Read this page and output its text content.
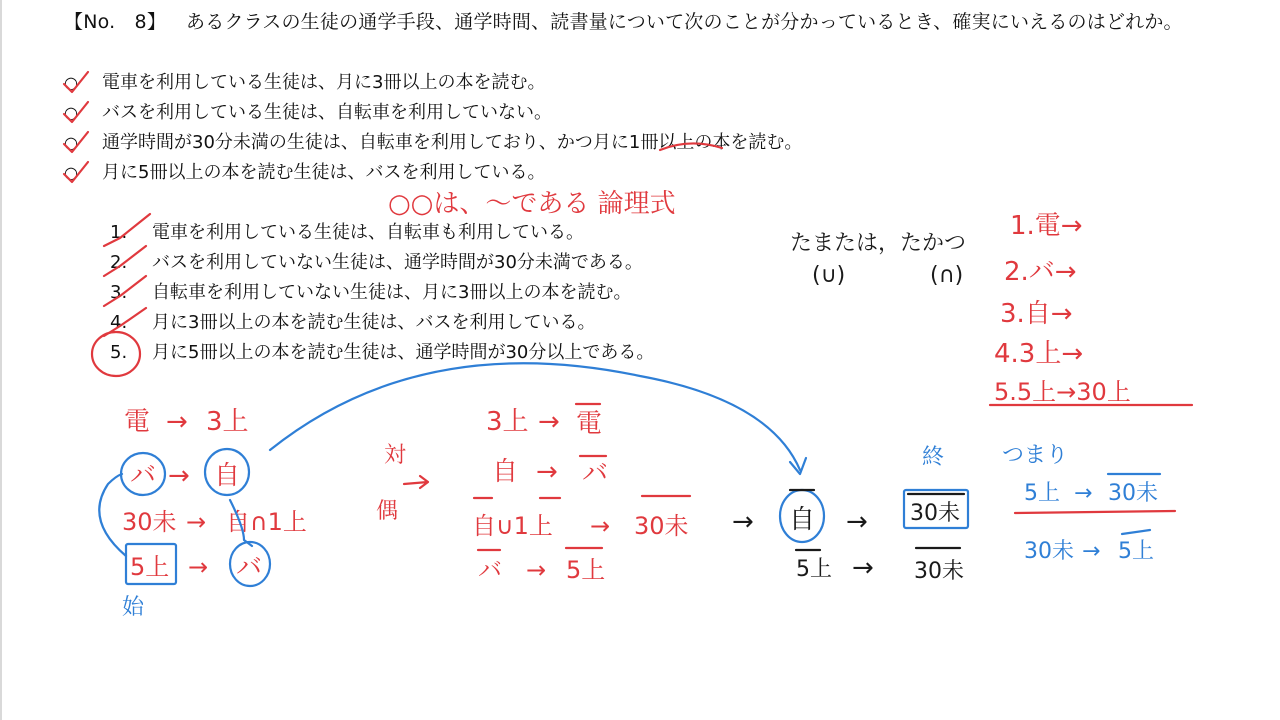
【No.　8】 あるクラスの生徒の通学手段、通学時間、読書量について次のことが分かっているとき、確実にいえるのはどれか。
○ 電車を利用している生徒は、月に3冊以上の本を読む。
○ バスを利用している生徒は、自転車を利用していない。
○ 通学時間が30分未満の生徒は、自転車を利用しており、かつ月に1冊以上の本を読む。
○ 月に5冊以上の本を読む生徒は、バスを利用している。
1.	電車を利用している生徒は、自転車も利用している。
2.	バスを利用していない生徒は、通学時間が30分未満である。
3.	自転車を利用していない生徒は、月に3冊以上の本を読む。
4.	月に3冊以上の本を読む生徒は、バスを利用している。
5.	月に5冊以上の本を読む生徒は、通学時間が30分以上である。
○○は、～である 論理式
たまたは，たかつ
(∪)	(∩)
1.電→
2.バ→
3.自→
4.3上→
5.5上→30上
電 → 3上
バ → 自
30未 → 自∩1上
5上 → バ
始
対
偶
3上 → 電
自 → バ
自∪1上 → 30未
バ → 5上
終
→ 自 → 30未
5上 → 30未
つまり
5上 → 30未
30未 → 5上
